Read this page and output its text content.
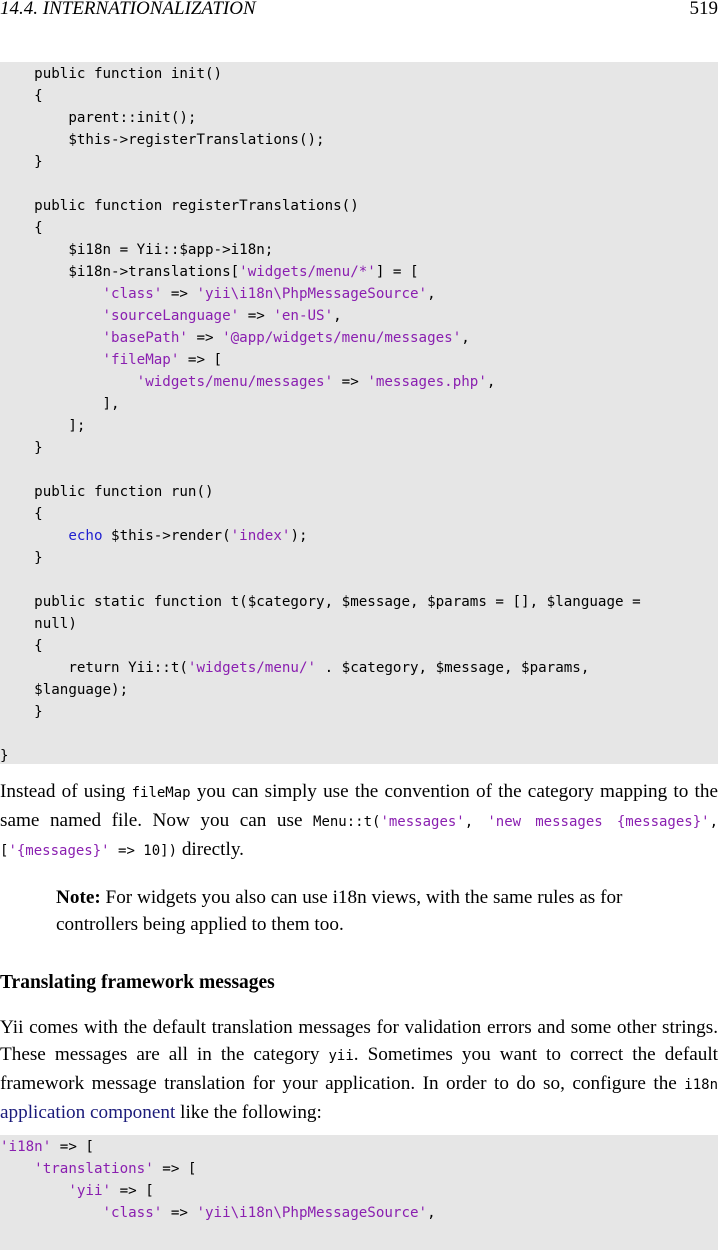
14.4. INTERNATIONALIZATION	519

public function init()
{
parent::init();
$this->registerTranslations();
}
public function registerTranslations()
{
$i18n = Yii::$app->i18n;
$i18n->translations['widgets/menu/*'] = [
'class' => 'yii\i18n\PhpMessageSource',
'sourceLanguage' => 'en-US',
'basePath' => '@app/widgets/menu/messages',
'fileMap' => [
'widgets/menu/messages' => 'messages.php',
],
];
}
public function run()
{
echo $this->render('index');
}
public static function t($category, $message, $params = [], $language =
null)
{
return Yii::t('widgets/menu/' . $category, $message, $params,
$language);
}
}

Instead of using fileMap you can simply use the convention of the category mapping to the same named file. Now you can use Menu::t('messages', 'new messages {messages}', ['{messages}' => 10]) directly.
Note: For widgets you also can use i18n views, with the same rules as for controllers being applied to them too.
Translating framework messages
Yii comes with the default translation messages for validation errors and some other strings. These messages are all in the category yii. Sometimes you want to correct the default framework message translation for your application. In order to do so, configure the i18n application component like the following:

'i18n' => [
'translations' => [
'yii' => [
'class' => 'yii\i18n\PhpMessageSource',
